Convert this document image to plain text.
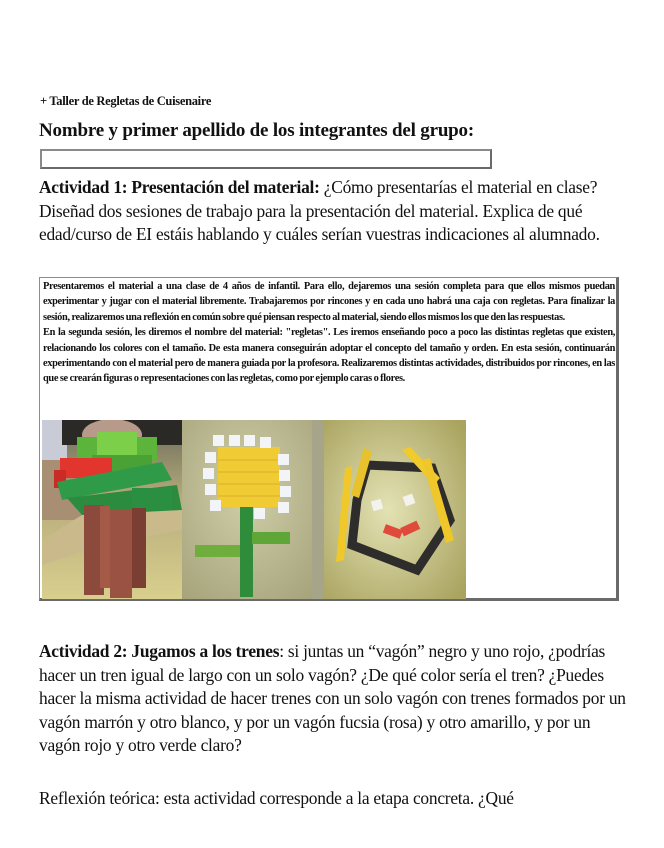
+ Taller de Regletas de Cuisenaire
Nombre y primer apellido de los integrantes del grupo:
Actividad 1: Presentación del material: ¿Cómo presentarías el material en clase? Diseñad dos sesiones de trabajo para la presentación del material. Explica de qué edad/curso de EI estáis hablando y cuáles serían vuestras indicaciones al alumnado.

Presentaremos el material a una clase de 4 años de infantil. Para ello, dejaremos una sesión completa para que ellos mismos puedan experimentar y jugar con el material libremente. Trabajaremos por rincones y en cada uno habrá una caja con regletas. Para finalizar la sesión, realizaremos una reflexión en común sobre qué piensan respecto al material, siendo ellos mismos los que den las respuestas.

En la segunda sesión, les diremos el nombre del material: "regletas". Les iremos enseñando poco a poco las distintas regletas que existen, relacionando los colores con el tamaño. De esta manera conseguirán adoptar el concepto del tamaño y orden. En esta sesión, continuarán experimentando con el material pero de manera guiada por la profesora. Realizaremos distintas actividades, distribuidos por rincones, en las que se crearán figuras o representaciones con las regletas, como por ejemplo caras o flores.

Actividad 2: Jugamos a los trenes: si juntas un “vagón” negro y uno rojo, ¿podrías hacer un tren igual de largo con un solo vagón? ¿De qué color sería el tren? ¿Puedes hacer la misma actividad de hacer trenes con un solo vagón con trenes formados por un vagón marrón y otro blanco, y por un vagón fucsia (rosa) y otro amarillo, y por un vagón rojo y otro verde claro?
Reflexión teórica: esta actividad corresponde a la etapa concreta. ¿Qué
